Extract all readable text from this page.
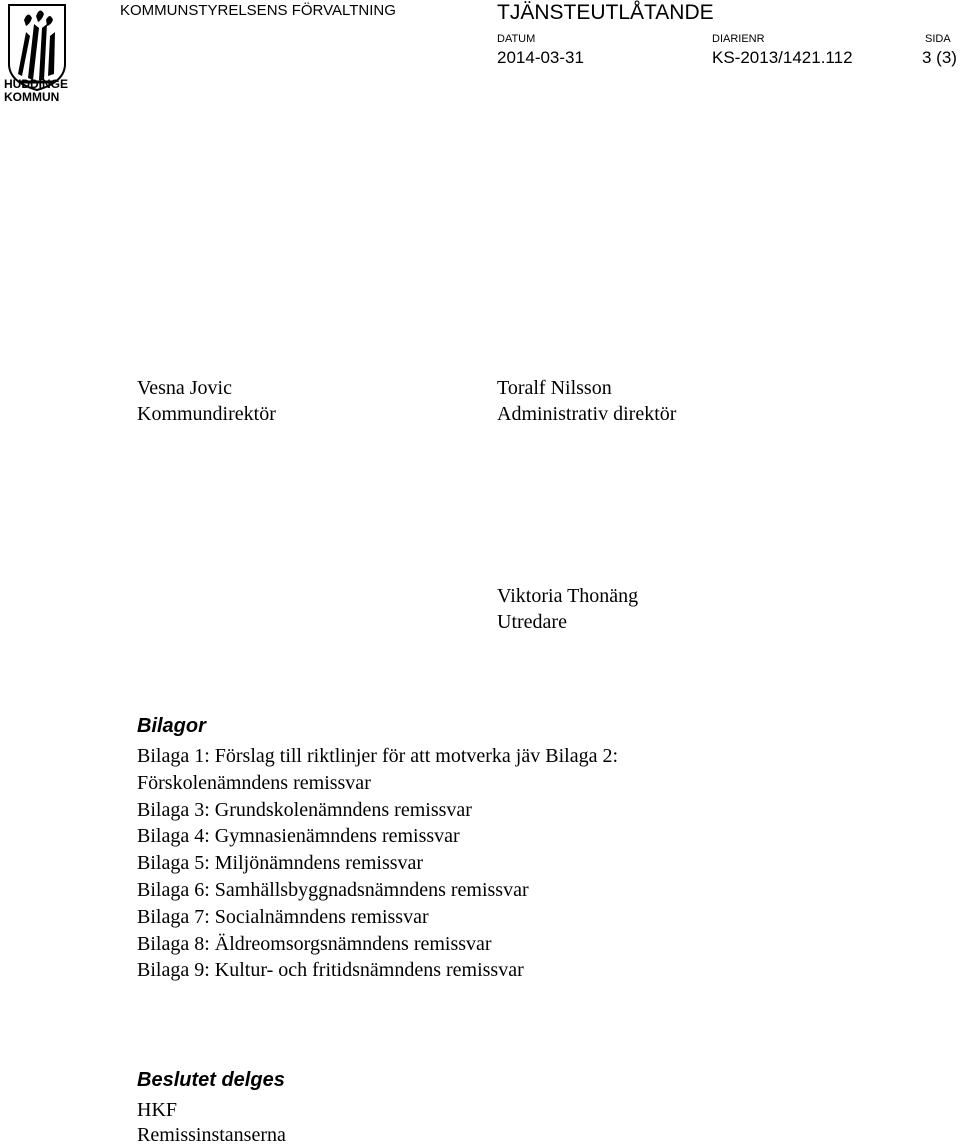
HUDDINGE
KOMMUN
KOMMUNSTYRELSENS FÖRVALTNING	TJÄNSTEUTLÅTANDE
DATUM
2014-03-31
DIARIENR
KS-2013/1421.112
SIDA
3 (3)
Vesna Jovic
Kommundirektör
Toralf Nilsson
Administrativ direktör
Viktoria Thonäng
Utredare
Bilagor
Bilaga 1: Förslag till riktlinjer för att motverka jäv Bilaga 2:
Förskolenämndens remissvar
Bilaga 3: Grundskolenämndens remissvar
Bilaga 4: Gymnasienämndens remissvar
Bilaga 5: Miljönämndens remissvar
Bilaga 6: Samhällsbyggnadsnämndens remissvar
Bilaga 7: Socialnämndens remissvar
Bilaga 8: Äldreomsorgsnämndens remissvar
Bilaga 9: Kultur- och fritidsnämndens remissvar
Beslutet delges
HKF
Remissinstanserna
